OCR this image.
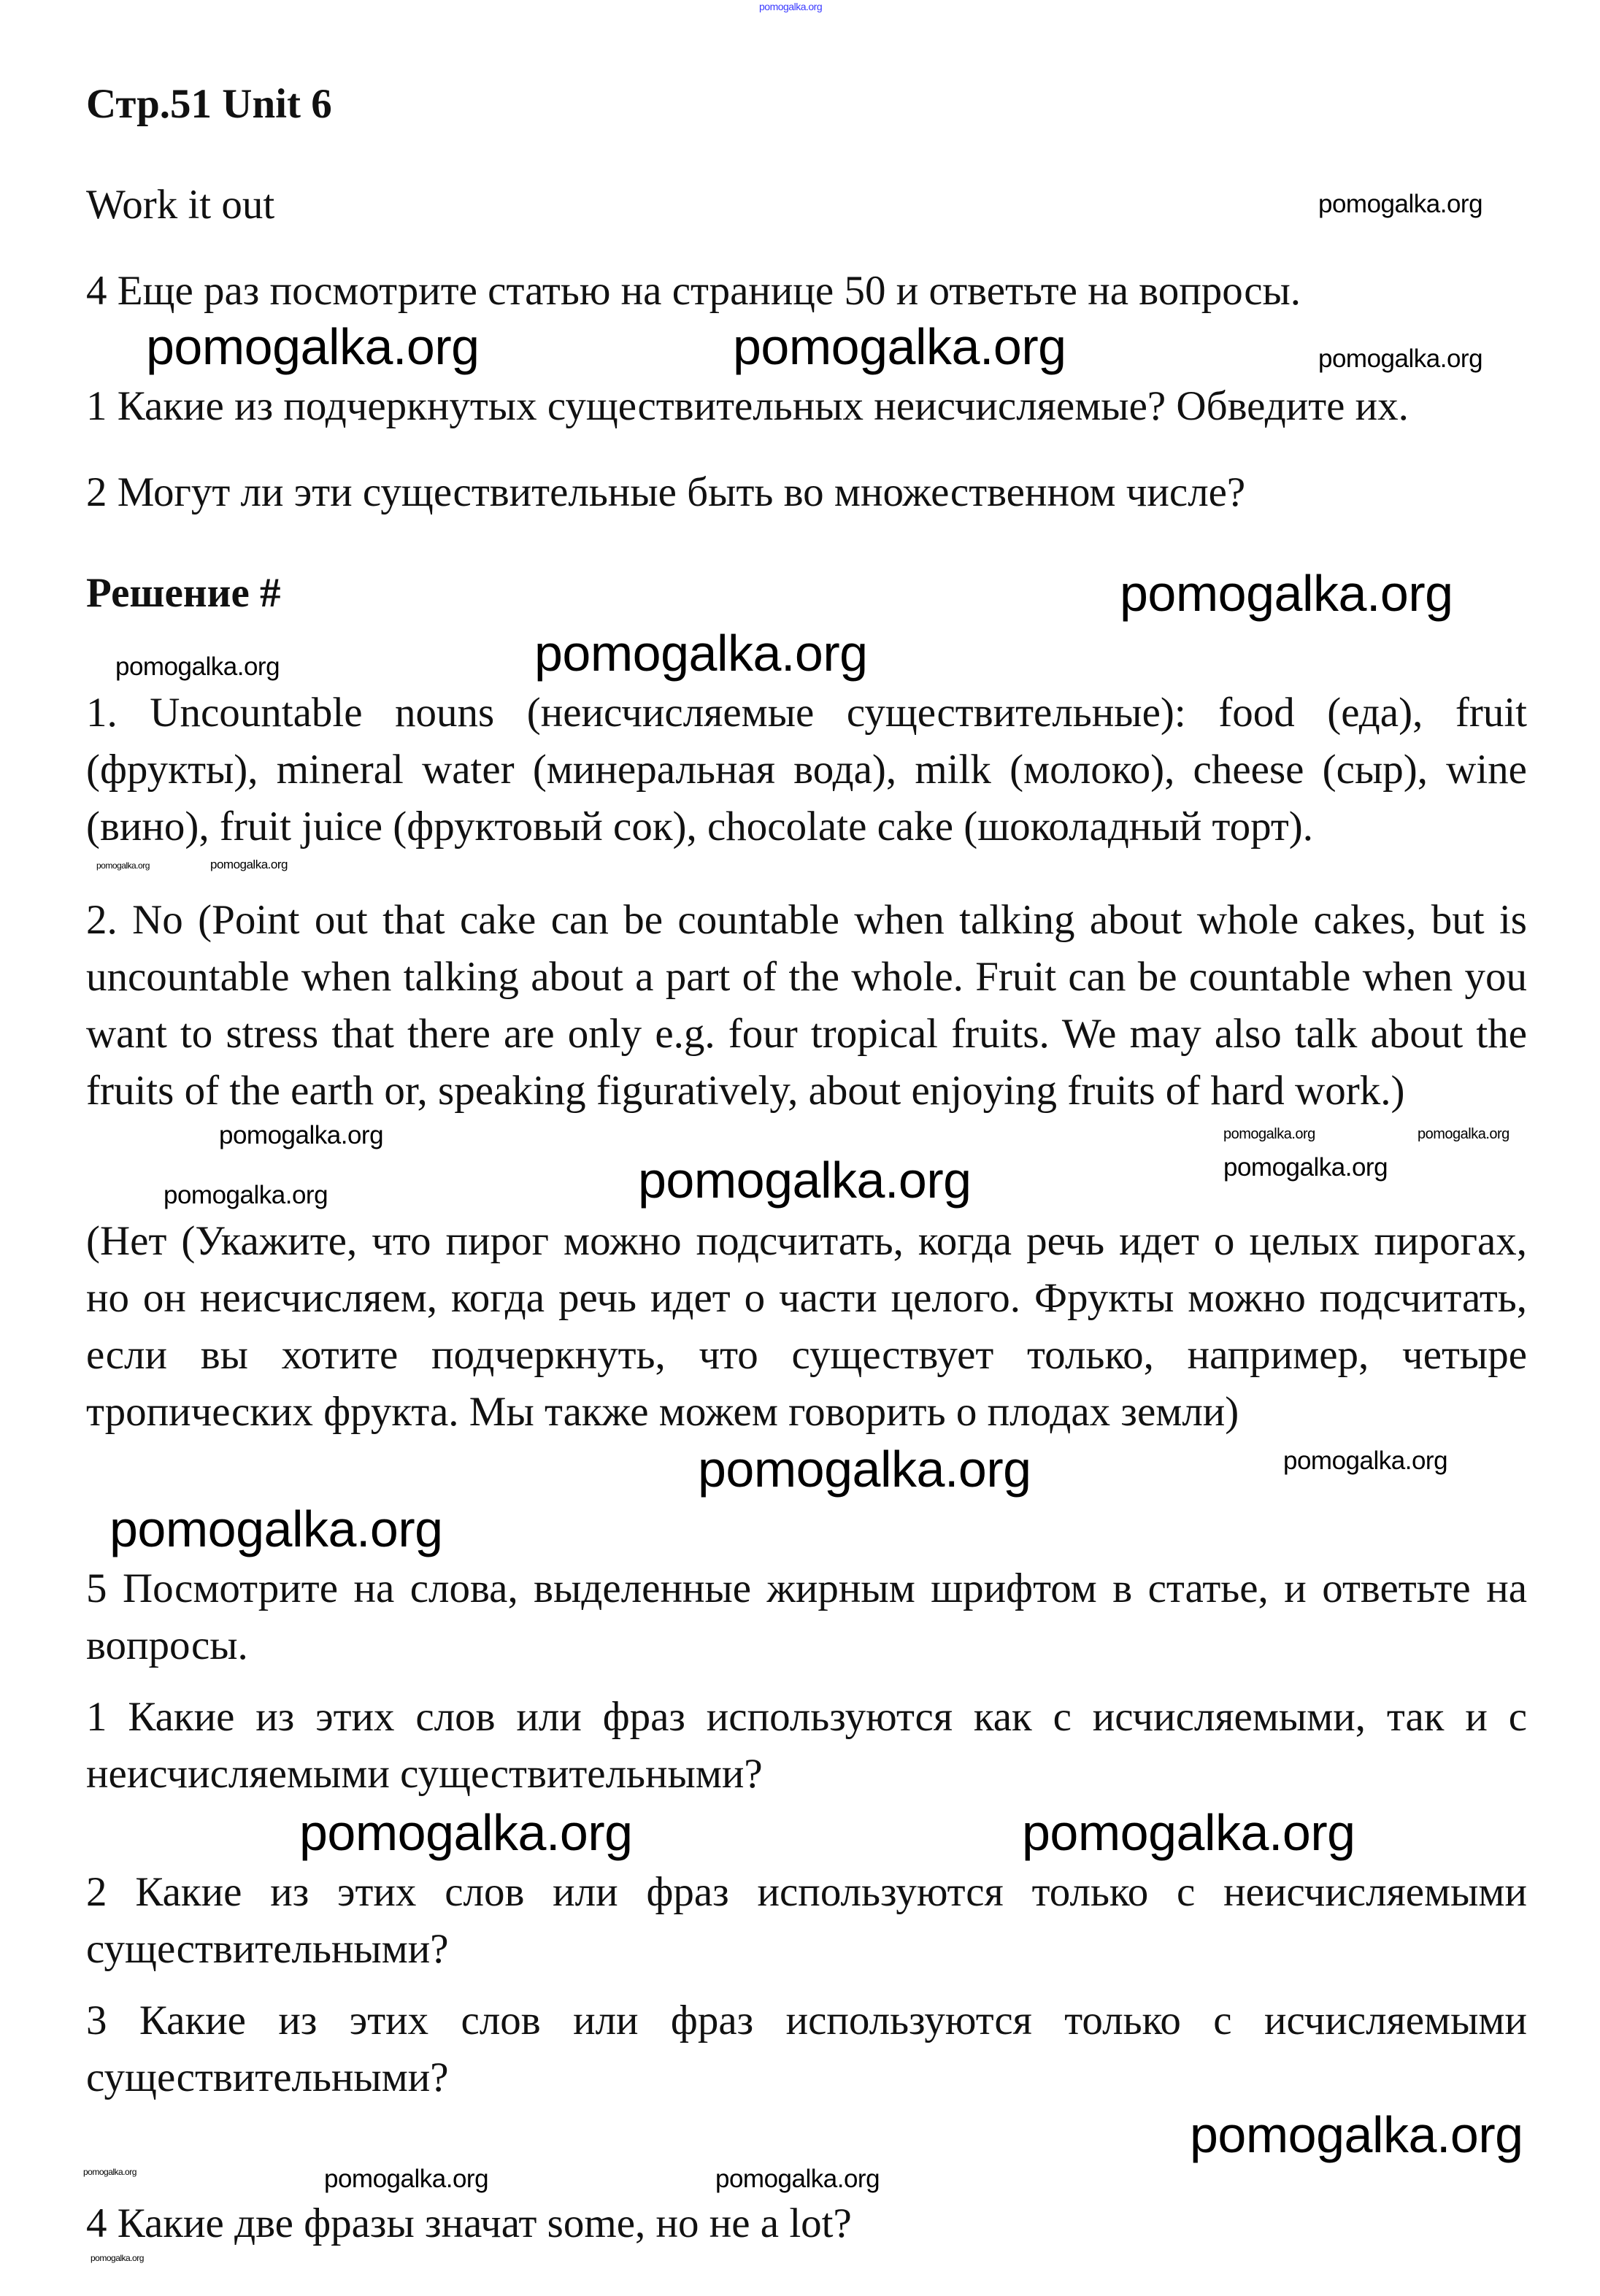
pomogalka.org

Стр.51 Unit 6

Work it out	pomogalka.org

4 Еще раз посмотрите статью на странице 50 и ответьте на вопросы.

pomogalka.org	pomogalka.org	pomogalka.org

1 Какие из подчеркнутых существительных неисчисляемые? Обведите их.

2 Могут ли эти существительные быть во множественном числе?

Решение #	pomogalka.org
pomogalka.org	pomogalka.org

1. Uncountable nouns (неисчисляемые существительные): food (еда), fruit (фрукты), mineral water (минеральная вода), milk (молоко), cheese (сыр), wine (вино), fruit juice (фруктовый сок), chocolate cake (шоколадный торт).

pomogalka.org	pomogalka.org

2. No (Point out that cake can be countable when talking about whole cakes, but is uncountable when talking about a part of the whole. Fruit can be countable when you want to stress that there are only e.g. four tropical fruits. We may also talk about the fruits of the earth or, speaking figuratively, about enjoying fruits of hard work.)

pomogalka.org	pomogalka.org
pomogalka.org
pomogalka.org	pomogalka.org	pomogalka.org

(Нет (Укажите, что пирог можно подсчитать, когда речь идет о целых пирогах, но он неисчисляем, когда речь идет о части целого. Фрукты можно подсчитать, если вы хотите подчеркнуть, что существует только, например, четыре тропических фрукта. Мы также можем говорить о плодах земли)

pomogalka.org	pomogalka.org
pomogalka.org

5 Посмотрите на слова, выделенные жирным шрифтом в статье, и ответьте на вопросы.

1 Какие из этих слов или фраз используются как с исчисляемыми, так и с неисчисляемыми существительными?

pomogalka.org	pomogalka.org

2 Какие из этих слов или фраз используются только с неисчисляемыми существительными?

3 Какие из этих слов или фраз используются только с исчисляемыми существительными?

pomogalka.org
pomogalka.org	pomogalka.org	pomogalka.org

4 Какие две фразы значат some, но не a lot?

pomogalka.org
